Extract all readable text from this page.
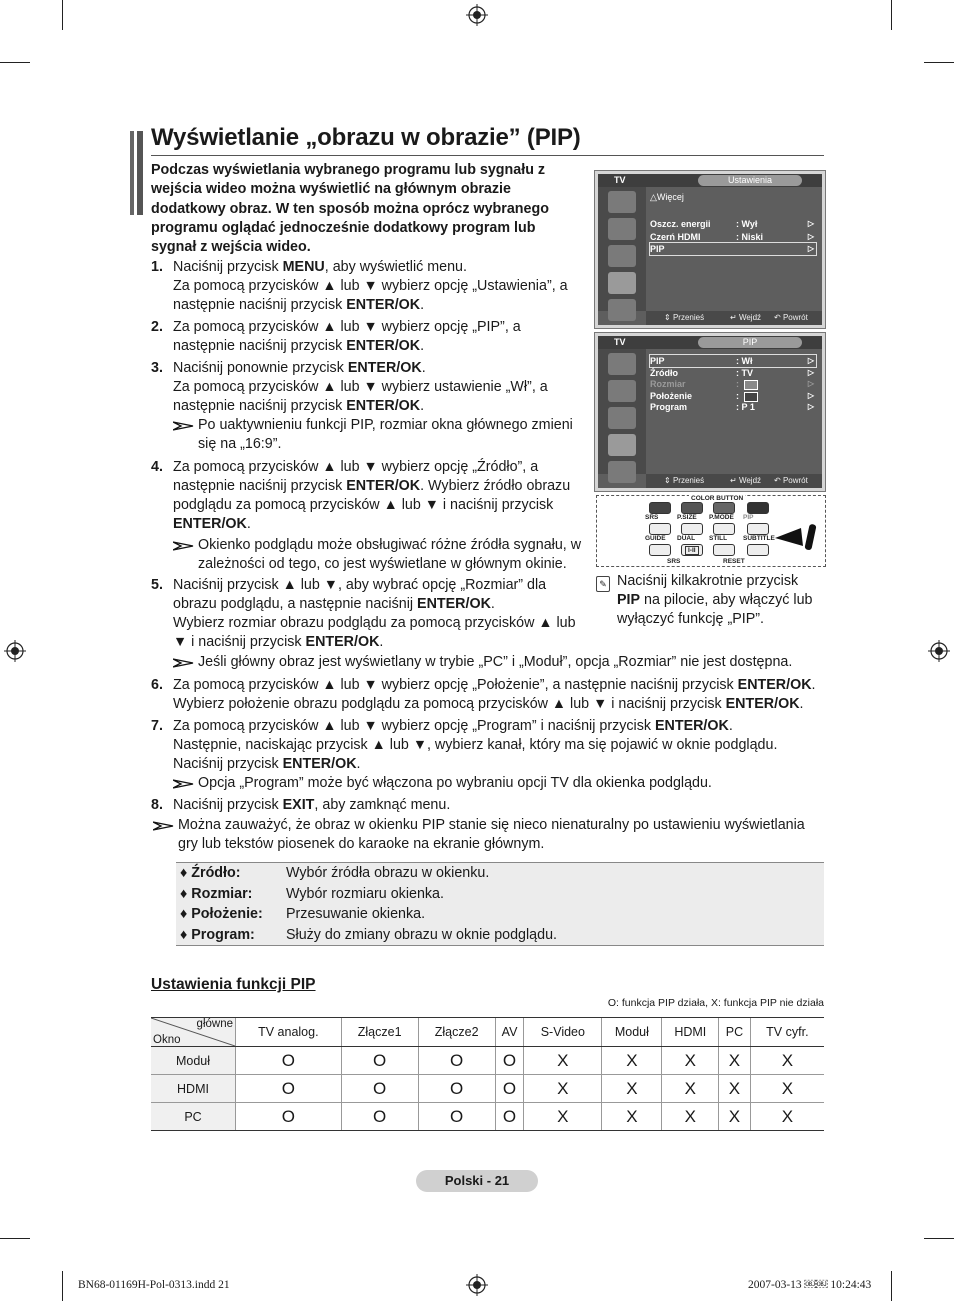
Wyświetlanie „obrazu w obrazie” (PIP)
Podczas wyświetlania wybranego programu lub sygnału z wejścia wideo można wyświetlić na głównym obrazie dodatkowy obraz. W ten sposób można oprócz wybranego programu oglądać jednocześnie dodatkowy program lub sygnał z wejścia wideo.
1. Naciśnij przycisk MENU, aby wyświetlić menu.
Za pomocą przycisków ▲ lub ▼ wybierz opcję „Ustawienia”, a
następnie naciśnij przycisk ENTER/OK.
2. Za pomocą przycisków ▲ lub ▼ wybierz opcję „PIP”, a
następnie naciśnij przycisk ENTER/OK.
3. Naciśnij ponownie przycisk ENTER/OK.
Za pomocą przycisków ▲ lub ▼ wybierz ustawienie „Wł”, a
następnie naciśnij przycisk ENTER/OK.
4. Za pomocą przycisków ▲ lub ▼ wybierz opcję „Źródło”, a
następnie naciśnij przycisk ENTER/OK. Wybierz źródło obrazu
podglądu za pomocą przycisków ▲ lub ▼ i naciśnij przycisk
ENTER/OK.
5. Naciśnij przycisk ▲ lub ▼, aby wybrać opcję „Rozmiar” dla
obrazu podglądu, a następnie naciśnij ENTER/OK.
Wybierz rozmiar obrazu podglądu za pomocą przycisków ▲ lub
▼ i naciśnij przycisk ENTER/OK.
6. Za pomocą przycisków ▲ lub ▼ wybierz opcję „Położenie”, a następnie naciśnij przycisk ENTER/OK.
Wybierz położenie obrazu podglądu za pomocą przycisków ▲ lub ▼ i naciśnij przycisk ENTER/OK.
7. Za pomocą przycisków ▲ lub ▼ wybierz opcję „Program” i naciśnij przycisk ENTER/OK.
Następnie, naciskając przycisk ▲ lub ▼, wybierz kanał, który ma się pojawić w oknie podglądu.
Naciśnij przycisk ENTER/OK.
8. Naciśnij przycisk EXIT, aby zamknąć menu.
Po uaktywnieniu funkcji PIP, rozmiar okna głównego zmieni
się na „16:9”.
Okienko podglądu może obsługiwać różne źródła sygnału, w
zależności od tego, co jest wyświetlane w głównym okinie.
Jeśli główny obraz jest wyświetlany w trybie „PC” i „Moduł”, opcja „Rozmiar” nie jest dostępna.
Opcja „Program” może być włączona po wybraniu opcji TV dla okienka podglądu.
Można zauważyć, że obraz w okienku PIP stanie się nieco nienaturalny po ustawieniu wyświetlania
gry lub tekstów piosenek do karaoke na ekranie głównym.
TV	Ustawienia
△Więcej
Oszcz. energii	: Wył	▷
Czerń HDMI	: Niski	▷
PIP	▷
⇕ Przenieś	↵ Wejdź ↶ Powrót
TV	PIP
PIP	: Wł	▷
Źródło	: TV	▷
Rozmiar	:	▷
Położenie	:	▷
Program	: P 1	▷
⇕ Przenieś	↵ Wejdź ↶ Powrót
COLOR BUTTON
SRS	P.SIZE P.MODE PIP
GUIDE DUAL STILL SUBTITLE
I-II
SRS	RESET
✎ Naciśnij kilkakrotnie przycisk
PIP na pilocie, aby włączyć lub
wyłączyć funkcję „PIP”.
♦ Źródło:	Wybór źródła obrazu w okienku.
♦ Rozmiar: Wybór rozmiaru okienka.
♦ Położenie: Przesuwanie okienka.
♦ Program: Służy do zmiany obrazu w oknie podglądu.
Ustawienia funkcji PIP
O: funkcja PIP działa, X: funkcja PIP nie działa
główne
Okno	TV analog.	Złącze1	Złącze2	AV	S-Video	Moduł	HDMI	PC	TV cyfr.
Moduł	O	O	O	O	X	X	X	X	X
HDMI	O	O	O	O	X	X	X	X	X
PC	O	O	O	O	X	X	X	X	X
Polski - 21
BN68-01169H-Pol-0313.indd 21	2007-03-13 ￼￼ 10:24:43
